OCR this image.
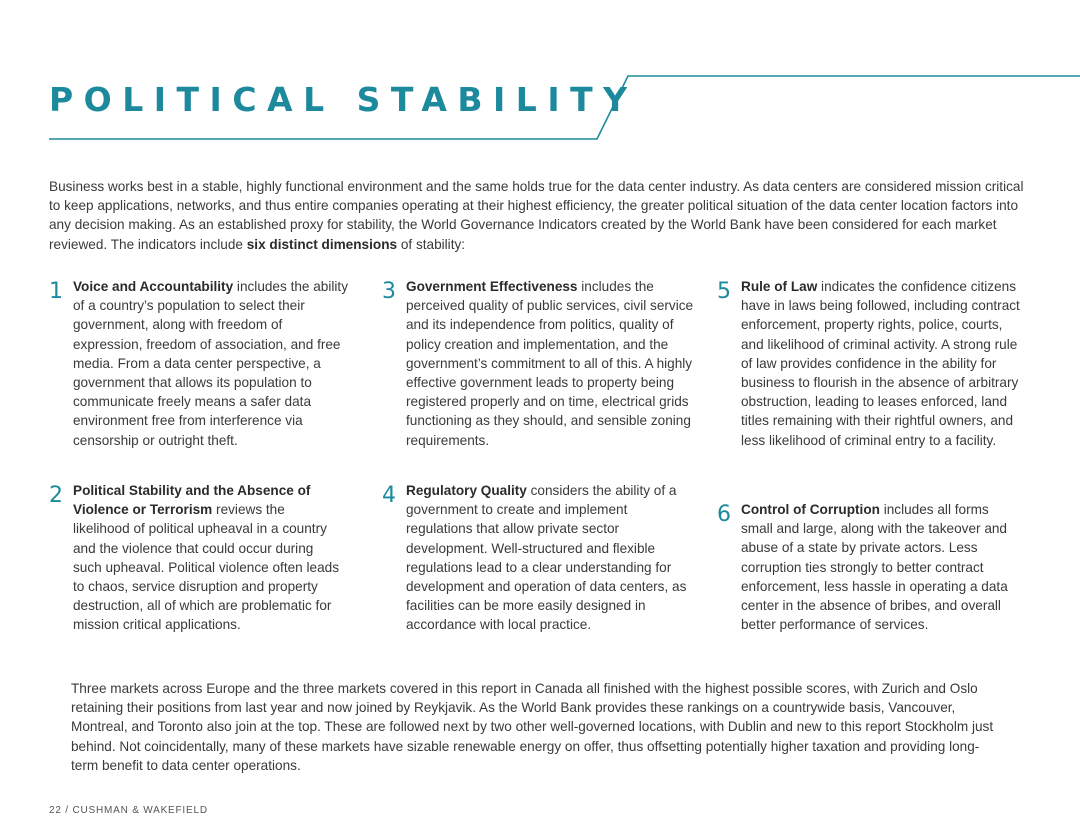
POLITICAL STABILITY

Business works best in a stable, highly functional environment and the same holds true for the data center industry. As data centers are considered mission critical to keep applications, networks, and thus entire companies operating at their highest efficiency, the greater political situation of the data center location factors into any decision making. As an established proxy for stability, the World Governance Indicators created by the World Bank have been considered for each market reviewed. The indicators include six distinct dimensions of stability:

1 Voice and Accountability includes the ability of a country’s population to select their government, along with freedom of expression, freedom of association, and free media. From a data center perspective, a government that allows its population to communicate freely means a safer data environment free from interference via censorship or outright theft.

2 Political Stability and the Absence of Violence or Terrorism reviews the likelihood of political upheaval in a country and the violence that could occur during such upheaval. Political violence often leads to chaos, service disruption and property destruction, all of which are problematic for mission critical applications.

3 Government Effectiveness includes the perceived quality of public services, civil service and its independence from politics, quality of policy creation and implementation, and the government’s commitment to all of this. A highly effective government leads to property being registered properly and on time, electrical grids functioning as they should, and sensible zoning requirements.

4 Regulatory Quality considers the ability of a government to create and implement regulations that allow private sector development. Well-structured and flexible regulations lead to a clear understanding for development and operation of data centers, as facilities can be more easily designed in accordance with local practice.

5 Rule of Law indicates the confidence citizens have in laws being followed, including contract enforcement, property rights, police, courts, and likelihood of criminal activity. A strong rule of law provides confidence in the ability for business to flourish in the absence of arbitrary obstruction, leading to leases enforced, land titles remaining with their rightful owners, and less likelihood of criminal entry to a facility.

6 Control of Corruption includes all forms small and large, along with the takeover and abuse of a state by private actors. Less corruption ties strongly to better contract enforcement, less hassle in operating a data center in the absence of bribes, and overall better performance of services.

Three markets across Europe and the three markets covered in this report in Canada all finished with the highest possible scores, with Zurich and Oslo retaining their positions from last year and now joined by Reykjavik. As the World Bank provides these rankings on a countrywide basis, Vancouver, Montreal, and Toronto also join at the top. These are followed next by two other well-governed locations, with Dublin and new to this report Stockholm just behind. Not coincidentally, many of these markets have sizable renewable energy on offer, thus offsetting potentially higher taxation and providing long-term benefit to data center operations.

22 / CUSHMAN & WAKEFIELD
